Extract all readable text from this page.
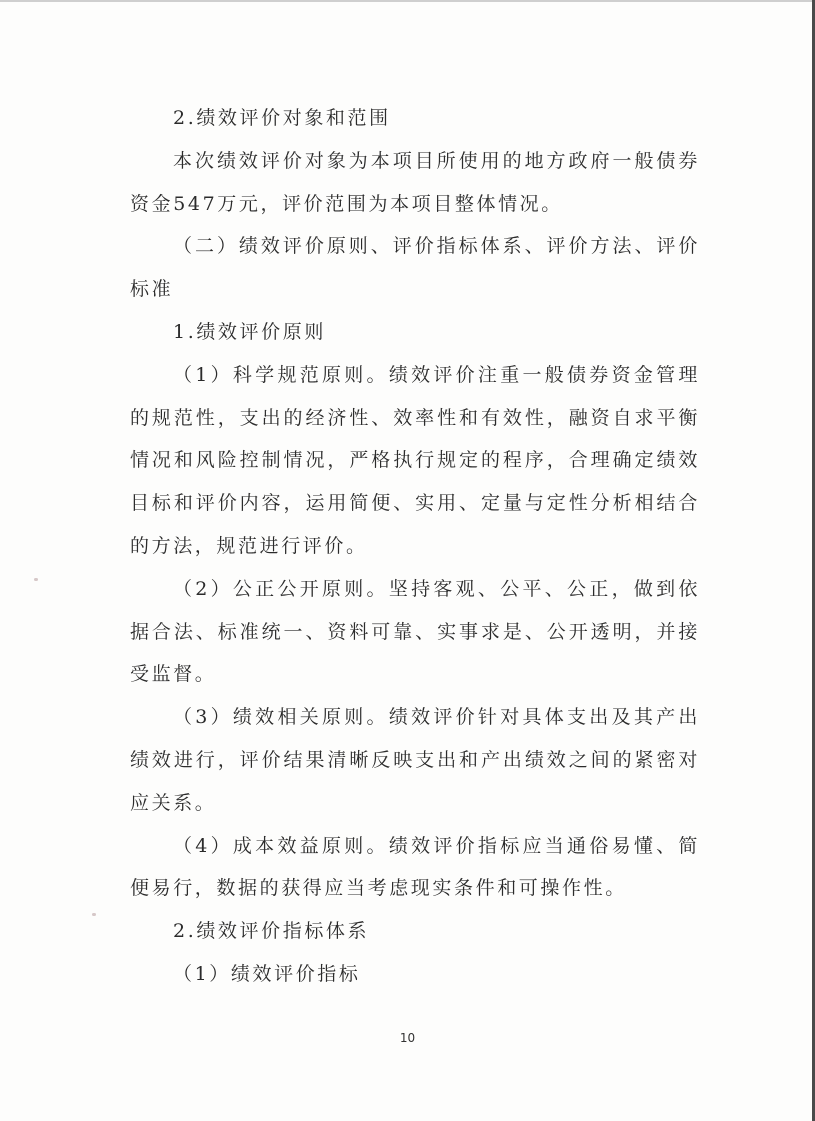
2.绩效评价对象和范围

本次绩效评价对象为本项目所使用的地方政府一般债券资金547万元，评价范围为本项目整体情况。

（二）绩效评价原则、评价指标体系、评价方法、评价标准

1.绩效评价原则

（1）科学规范原则。绩效评价注重一般债券资金管理的规范性，支出的经济性、效率性和有效性，融资自求平衡情况和风险控制情况，严格执行规定的程序，合理确定绩效目标和评价内容，运用简便、实用、定量与定性分析相结合的方法，规范进行评价。

（2）公正公开原则。坚持客观、公平、公正，做到依据合法、标准统一、资料可靠、实事求是、公开透明，并接受监督。

（3）绩效相关原则。绩效评价针对具体支出及其产出绩效进行，评价结果清晰反映支出和产出绩效之间的紧密对应关系。

（4）成本效益原则。绩效评价指标应当通俗易懂、简便易行，数据的获得应当考虑现实条件和可操作性。

2.绩效评价指标体系

（1）绩效评价指标

10
